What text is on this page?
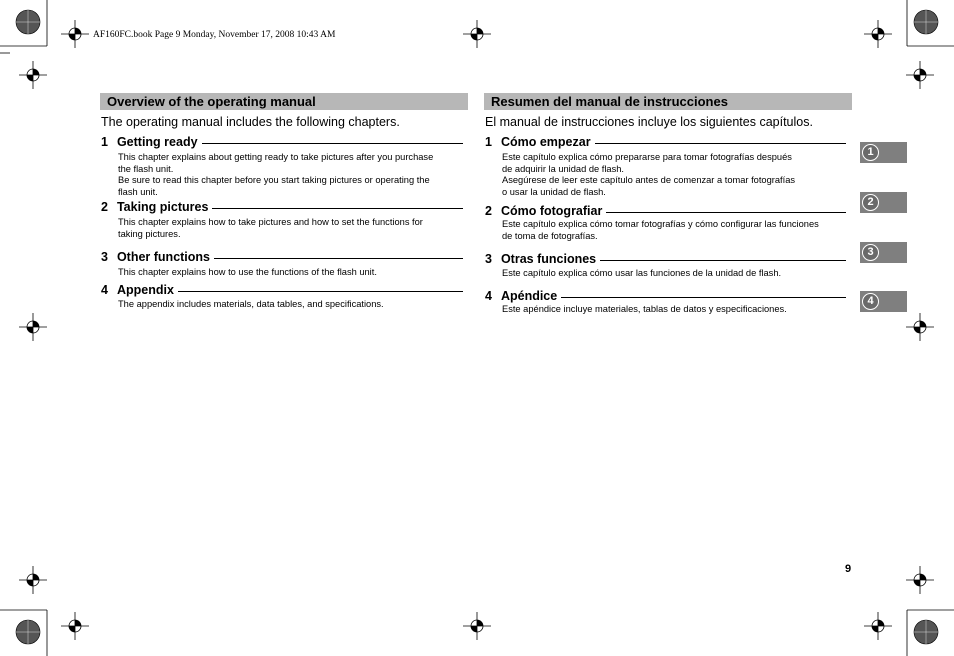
AF160FC.book Page 9 Monday, November 17, 2008 10:43 AM
Overview of the operating manual
The operating manual includes the following chapters.
1 Getting ready
This chapter explains about getting ready to take pictures after you purchase
the flash unit.
Be sure to read this chapter before you start taking pictures or operating the
flash unit.
2 Taking pictures
This chapter explains how to take pictures and how to set the functions for
taking pictures.
3 Other functions
This chapter explains how to use the functions of the flash unit.
4 Appendix
The appendix includes materials, data tables, and specifications.
Resumen del manual de instrucciones
El manual de instrucciones incluye los siguientes capítulos.
1 Cómo empezar
Este capítulo explica cómo prepararse para tomar fotografías después
de adquirir la unidad de flash.
Asegúrese de leer este capítulo antes de comenzar a tomar fotografías
o usar la unidad de flash.
2 Cómo fotografiar
Este capítulo explica cómo tomar fotografías y cómo configurar las funciones
de toma de fotografías.
3 Otras funciones
Este capítulo explica cómo usar las funciones de la unidad de flash.
4 Apéndice
Este apéndice incluye materiales, tablas de datos y especificaciones.
1
2
3
4
9
